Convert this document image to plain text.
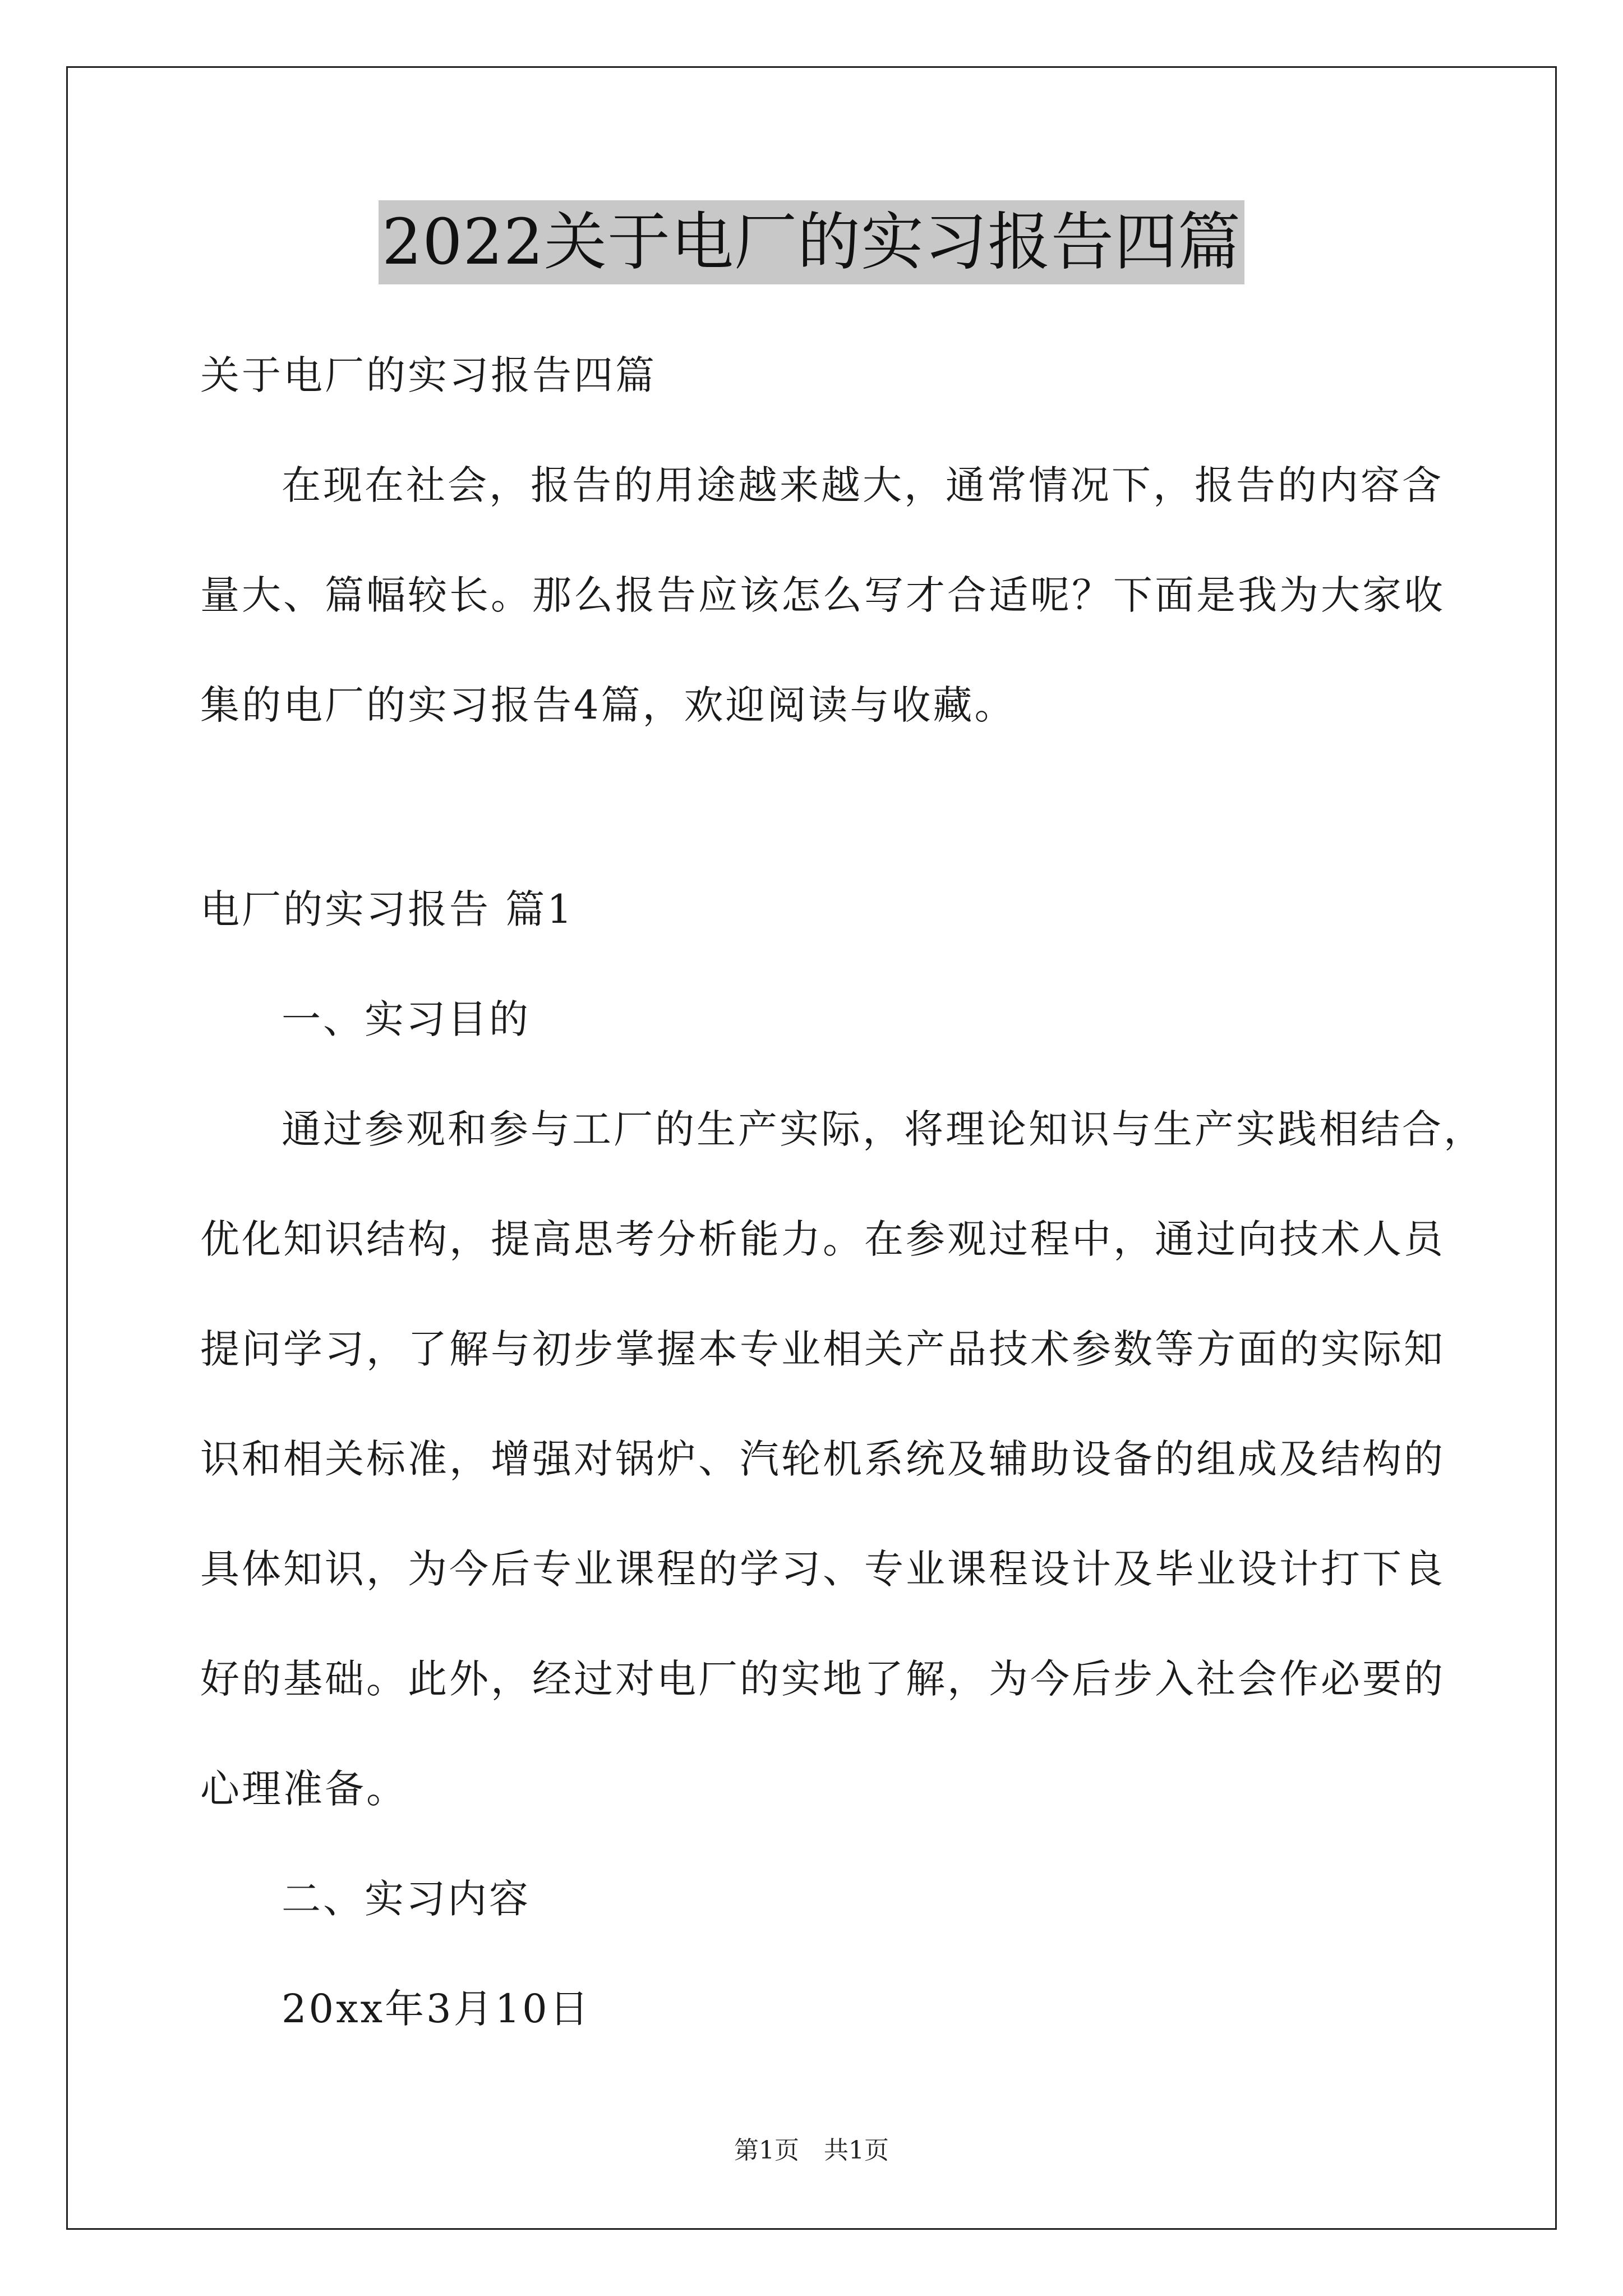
2022关于电厂的实习报告四篇
关于电厂的实习报告四篇
在现在社会，报告的用途越来越大，通常情况下，报告的内容含
量大、篇幅较长。那么报告应该怎么写才合适呢？下面是我为大家收
集的电厂的实习报告4篇，欢迎阅读与收藏。
电厂的实习报告 篇1
一、实习目的
通过参观和参与工厂的生产实际，将理论知识与生产实践相结合，
优化知识结构，提高思考分析能力。在参观过程中，通过向技术人员
提问学习，了解与初步掌握本专业相关产品技术参数等方面的实际知
识和相关标准，增强对锅炉、汽轮机系统及辅助设备的组成及结构的
具体知识，为今后专业课程的学习、专业课程设计及毕业设计打下良
好的基础。此外，经过对电厂的实地了解，为今后步入社会作必要的
心理准备。
二、实习内容
20xx年3月10日
第1页　共1页
